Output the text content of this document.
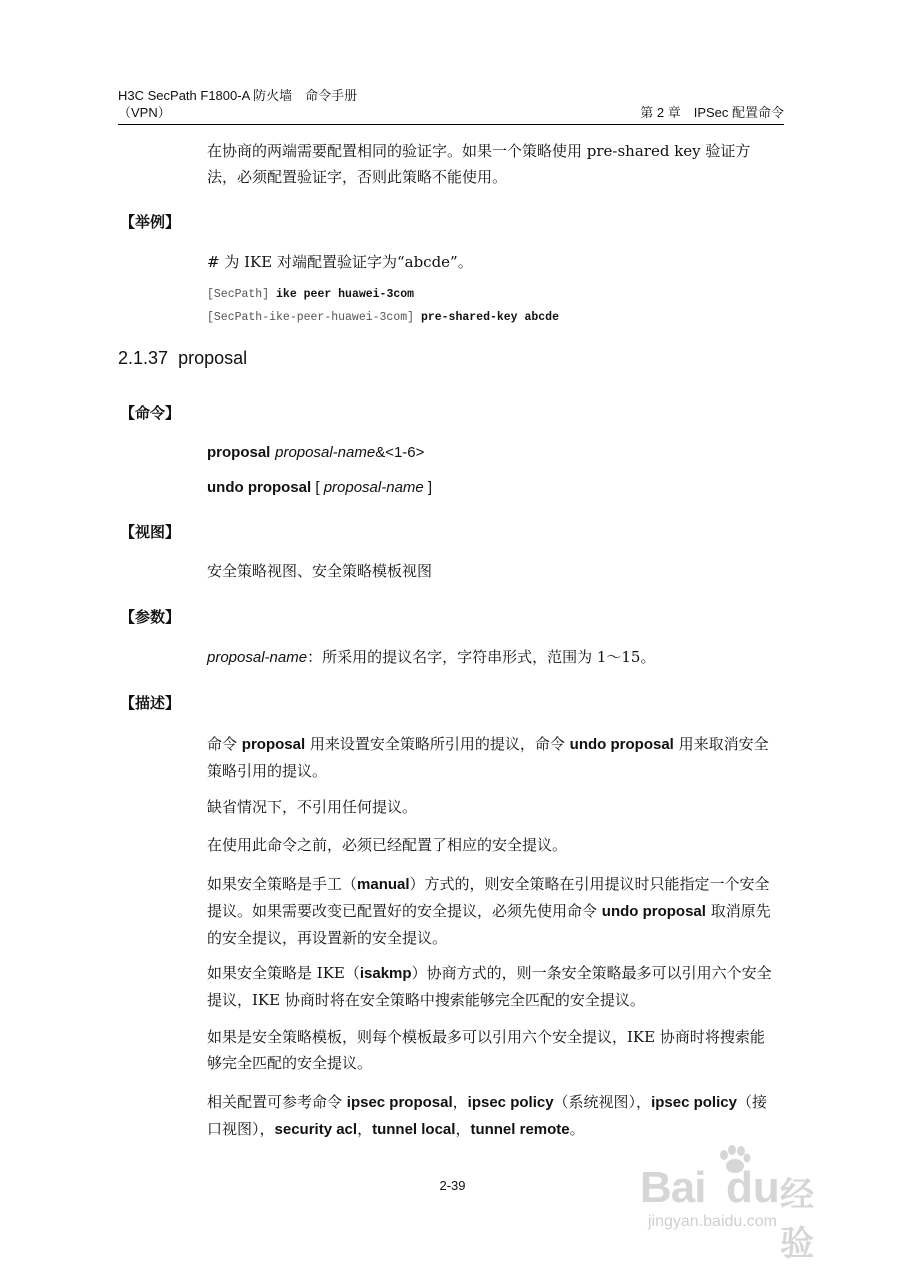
H3C SecPath F1800-A 防火墙　命令手册
（VPN）	第 2 章　IPSec 配置命令

在协商的两端需要配置相同的验证字。如果一个策略使用 pre-shared key 验证方法，必须配置验证字，否则此策略不能使用。

【举例】

# 为 IKE 对端配置验证字为“abcde”。

[SecPath] ike peer huawei-3com
[SecPath-ike-peer-huawei-3com] pre-shared-key abcde
2.1.37 proposal
【命令】

proposal proposal-name&<1-6>

undo proposal [ proposal-name ]

【视图】

安全策略视图、安全策略模板视图

【参数】

proposal-name：所采用的提议名字，字符串形式，范围为 1～15。

【描述】

命令 proposal 用来设置安全策略所引用的提议，命令 undo proposal 用来取消安全策略引用的提议。

缺省情况下，不引用任何提议。

在使用此命令之前，必须已经配置了相应的安全提议。

如果安全策略是手工（manual）方式的，则安全策略在引用提议时只能指定一个安全提议。如果需要改变已配置好的安全提议，必须先使用命令 undo proposal 取消原先的安全提议，再设置新的安全提议。

如果安全策略是 IKE（isakmp）协商方式的，则一条安全策略最多可以引用六个安全提议，IKE 协商时将在安全策略中搜索能够完全匹配的安全提议。

如果是安全策略模板，则每个模板最多可以引用六个安全提议，IKE 协商时将搜索能够完全匹配的安全提议。

相关配置可参考命令 ipsec proposal，ipsec policy（系统视图），ipsec policy（接口视图），security acl，tunnel local，tunnel remote。

2-39	Bai du 经验
jingyan.baidu.com
